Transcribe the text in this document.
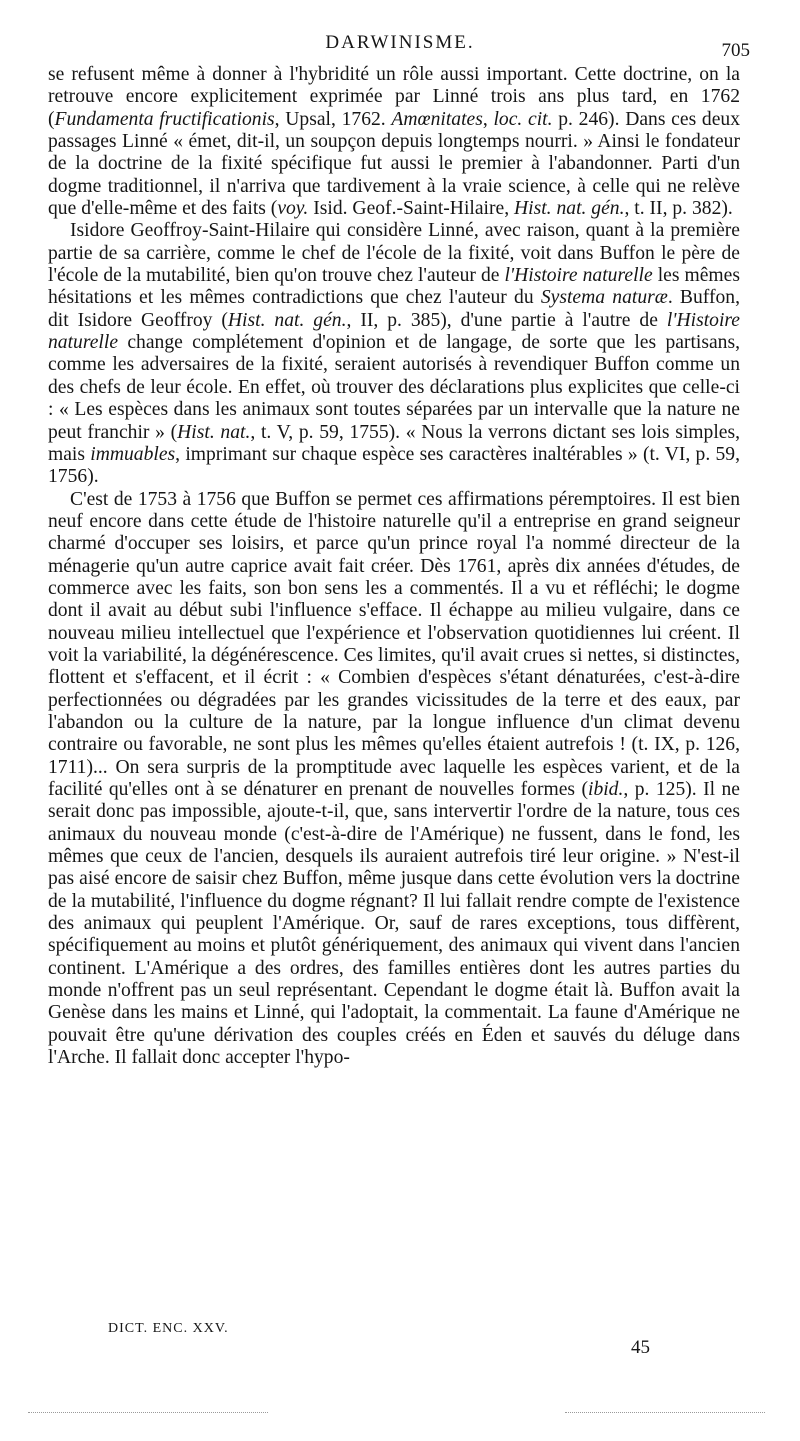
DARWINISME.	705

se refusent même à donner à l'hybridité un rôle aussi important. Cette doctrine, on la retrouve encore explicitement exprimée par Linné trois ans plus tard, en 1762 (Fundamenta fructificationis, Upsal, 1762. Amœnitates, loc. cit. p. 246). Dans ces deux passages Linné « émet, dit-il, un soupçon depuis longtemps nourri. » Ainsi le fondateur de la doctrine de la fixité spécifique fut aussi le premier à l'abandonner. Parti d'un dogme traditionnel, il n'arriva que tardivement à la vraie science, à celle qui ne relève que d'elle-même et des faits (voy. Isid. Geof.-Saint-Hilaire, Hist. nat. gén., t. II, p. 382).

Isidore Geoffroy-Saint-Hilaire qui considère Linné, avec raison, quant à la première partie de sa carrière, comme le chef de l'école de la fixité, voit dans Buffon le père de l'école de la mutabilité, bien qu'on trouve chez l'auteur de l'Histoire naturelle les mêmes hésitations et les mêmes contradictions que chez l'auteur du Systema naturæ. Buffon, dit Isidore Geoffroy (Hist. nat. gén., II, p. 385), d'une partie à l'autre de l'Histoire naturelle change complétement d'opinion et de langage, de sorte que les partisans, comme les adversaires de la fixité, seraient autorisés à revendiquer Buffon comme un des chefs de leur école. En effet, où trouver des déclarations plus explicites que celle-ci : « Les espèces dans les animaux sont toutes séparées par un intervalle que la nature ne peut franchir » (Hist. nat., t. V, p. 59, 1755). « Nous la verrons dictant ses lois simples, mais immuables, imprimant sur chaque espèce ses caractères inaltérables » (t. VI, p. 59, 1756).

C'est de 1753 à 1756 que Buffon se permet ces affirmations péremptoires. Il est bien neuf encore dans cette étude de l'histoire naturelle qu'il a entreprise en grand seigneur charmé d'occuper ses loisirs, et parce qu'un prince royal l'a nommé directeur de la ménagerie qu'un autre caprice avait fait créer. Dès 1761, après dix années d'études, de commerce avec les faits, son bon sens les a commentés. Il a vu et réfléchi; le dogme dont il avait au début subi l'influence s'efface. Il échappe au milieu vulgaire, dans ce nouveau milieu intellectuel que l'expérience et l'observation quotidiennes lui créent. Il voit la variabilité, la dégénérescence. Ces limites, qu'il avait crues si nettes, si distinctes, flottent et s'effacent, et il écrit : « Combien d'espèces s'étant dénaturées, c'est-à-dire perfectionnées ou dégradées par les grandes vicissitudes de la terre et des eaux, par l'abandon ou la culture de la nature, par la longue influence d'un climat devenu contraire ou favorable, ne sont plus les mêmes qu'elles étaient autrefois ! (t. IX, p. 126, 1711)... On sera surpris de la promptitude avec laquelle les espèces varient, et de la facilité qu'elles ont à se dénaturer en prenant de nouvelles formes (ibid., p. 125). Il ne serait donc pas impossible, ajoute-t-il, que, sans intervertir l'ordre de la nature, tous ces animaux du nouveau monde (c'est-à-dire de l'Amérique) ne fussent, dans le fond, les mêmes que ceux de l'ancien, desquels ils auraient autrefois tiré leur origine. » N'est-il pas aisé encore de saisir chez Buffon, même jusque dans cette évolution vers la doctrine de la mutabilité, l'influence du dogme régnant? Il lui fallait rendre compte de l'existence des animaux qui peuplent l'Amérique. Or, sauf de rares exceptions, tous diffèrent, spécifiquement au moins et plutôt génériquement, des animaux qui vivent dans l'ancien continent. L'Amérique a des ordres, des familles entières dont les autres parties du monde n'offrent pas un seul représentant. Cependant le dogme était là. Buffon avait la Genèse dans les mains et Linné, qui l'adoptait, la commentait. La faune d'Amérique ne pouvait être qu'une dérivation des couples créés en Éden et sauvés du déluge dans l'Arche. Il fallait donc accepter l'hypo-

DICT. ENC. XXV.
45
